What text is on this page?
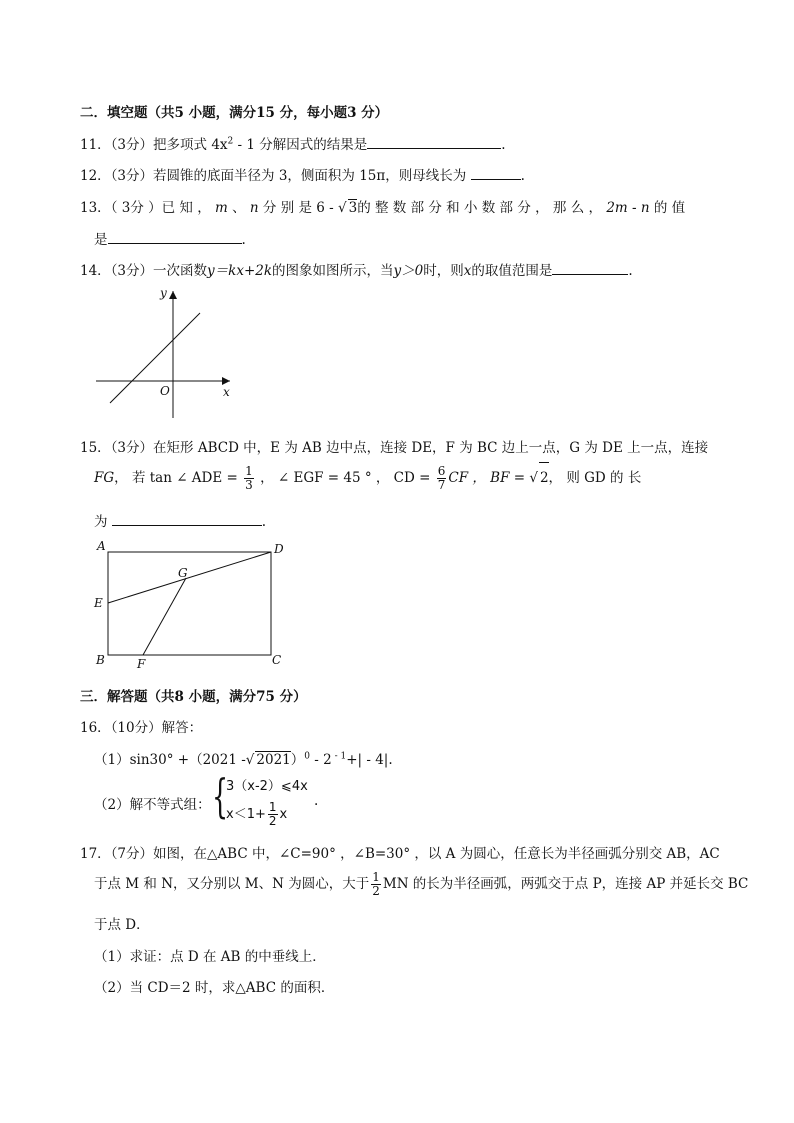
二．填空题（共5 小题，满分15 分，每小题3 分）
11．（3分）把多项式 $4x^2 - 1$ 分解因式的结果是	.
12．（3分）若圆锥的底面半径为 3，侧面积为 15π，则母线长为	.
13．（ 3分 ）已 知 ， m 、 n 分 别 是 6 - √ 3的 整 数 部 分 和 小 数 部 分 ， 那 么 ， 2m - n 的 值
是	.
14．（3分）一次函数y＝kx+2k的图象如图所示，当y＞0时，则x的取值范围是	.
y
x
O
15．（3分）在矩形 ABCD 中，E 为 AB 边中点，连接 DE，F 为 BC 边上一点，G 为 DE 上一点，连接
FG， 若 tan ∠ ADE = $\frac{1}{3}$ ， ∠ EGF = 45 ° ， CD = $\frac{6}{7}$ CF ， BF = √ 2， 则 GD 的 长
为	.
A	D
G
E
B	F	C
三．解答题（共8 小题，满分75 分）
16．（10分）解答：
（1）sin30° +（2021 -√ 2021）$^0$ - 2 $^{- 1}$+| - 4|.
（2）解不等式组： {
3（x-2）⩽4x
$x<1+ \frac{1}{2}$ x
.
17．（7分）如图，在△ABC 中，∠C=90° ，∠B=30° ，以 A 为圆心，任意长为半径画弧分别交 AB，AC
于点 M 和 N，又分别以 M、N 为圆心，大于 $\frac{1}{2}$ MN 的长为半径画弧，两弧交于点 P，连接 AP 并延长交 BC
于点 D．
（1）求证：点 D 在 AB 的中垂线上．
（2）当 CD＝2 时，求△ABC 的面积．
